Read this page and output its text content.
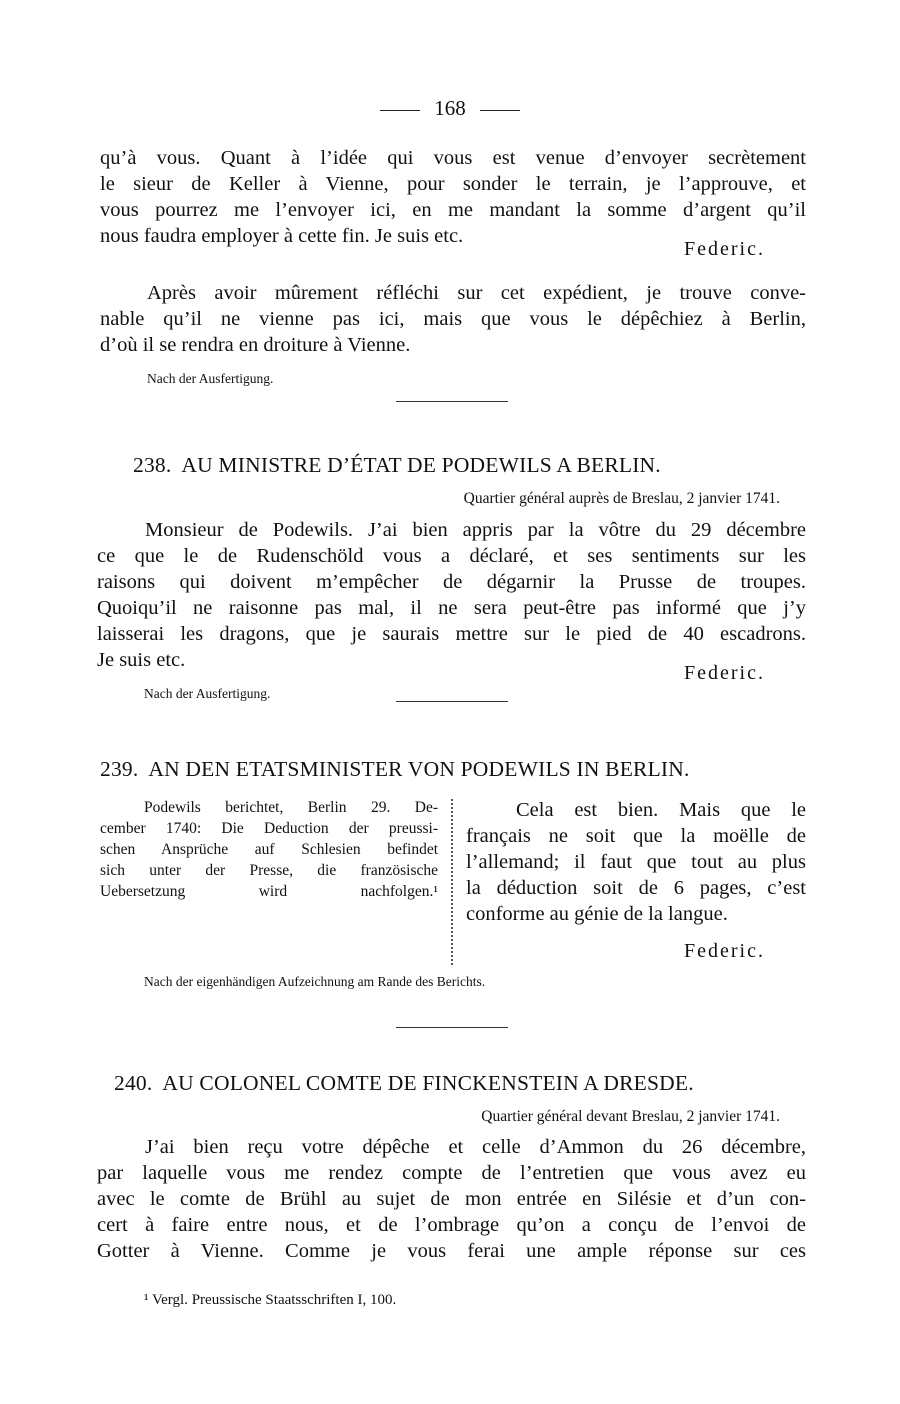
168
qu’à vous. Quant à l’idée qui vous est venue d’envoyer secrètement
le sieur de Keller à Vienne, pour sonder le terrain, je l’approuve, et
vous pourrez me l’envoyer ici, en me mandant la somme d’argent qu’il
nous faudra employer à cette fin. Je suis etc.
Federic.
Après avoir mûrement réfléchi sur cet expédient, je trouve conve-
nable qu’il ne vienne pas ici, mais que vous le dépêchiez à Berlin,
d’où il se rendra en droiture à Vienne.
Nach der Ausfertigung.
238. AU MINISTRE D’ÉTAT DE PODEWILS A BERLIN.
Quartier général auprès de Breslau, 2 janvier 1741.
Monsieur de Podewils. J’ai bien appris par la vôtre du 29 décembre
ce que le de Rudenschöld vous a déclaré, et ses sentiments sur les
raisons qui doivent m’empêcher de dégarnir la Prusse de troupes.
Quoiqu’il ne raisonne pas mal, il ne sera peut-être pas informé que j’y
laisserai les dragons, que je saurais mettre sur le pied de 40 escadrons.
Je suis etc.
Federic.
Nach der Ausfertigung.
239. AN DEN ETATSMINISTER VON PODEWILS IN BERLIN.
Podewils berichtet, Berlin 29. De-
cember 1740: Die Deduction der preussi-
schen Ansprüche auf Schlesien befindet
sich unter der Presse, die französische
Uebersetzung wird nachfolgen.¹
Cela est bien. Mais que le
français ne soit que la moëlle de
l’allemand; il faut que tout au plus
la déduction soit de 6 pages, c’est
conforme au génie de la langue.
Federic.
Nach der eigenhändigen Aufzeichnung am Rande des Berichts.
240. AU COLONEL COMTE DE FINCKENSTEIN A DRESDE.
Quartier général devant Breslau, 2 janvier 1741.
J’ai bien reçu votre dépêche et celle d’Ammon du 26 décembre,
par laquelle vous me rendez compte de l’entretien que vous avez eu
avec le comte de Brühl au sujet de mon entrée en Silésie et d’un con-
cert à faire entre nous, et de l’ombrage qu’on a conçu de l’envoi de
Gotter à Vienne. Comme je vous ferai une ample réponse sur ces
¹ Vergl. Preussische Staatsschriften I, 100.
